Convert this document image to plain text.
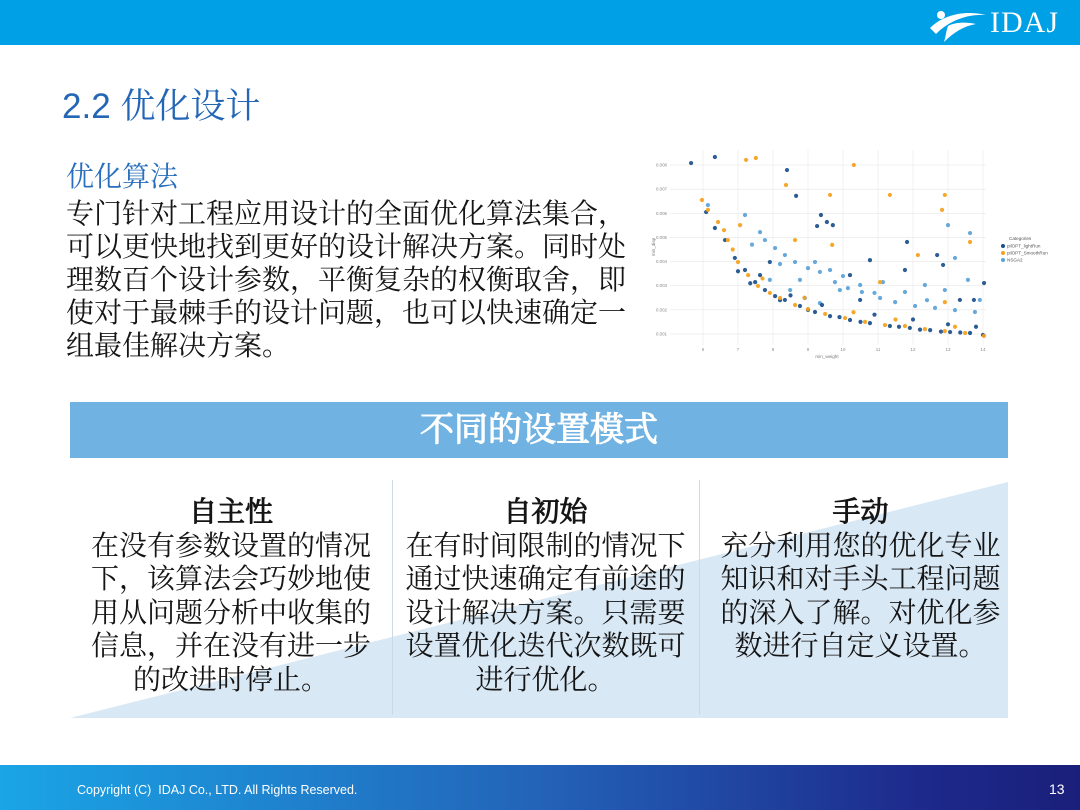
IDAJ
2.2 优化设计
优化算法
专门针对工程应用设计的全面优化算法集合，
可以更快地找到更好的设计解决方案。同时处
理数百个设计参数，平衡复杂的权衡取舍，即
使对于最棘手的设计问题，也可以快速确定一
组最佳解决方案。	6	7	8	9	10	11	12	13	14
0.008
0.007
0.006
0.005
0.004
0.003
0.002
0.001
min_weight
min_disp	Categories
pilOPT_lightRun
pilOPT_SmoothRun
NSGA2
不同的设置模式
自主性
在没有参数设置的情况
下，该算法会巧妙地使
用从问题分析中收集的
信息，并在没有进一步
的改进时停止。
自初始
在有时间限制的情况下
通过快速确定有前途的
设计解决方案。只需要
设置优化迭代次数既可
进行优化。
手动
充分利用您的优化专业
知识和对手头工程问题
的深入了解。对优化参
数进行自定义设置。
Copyright (C)  IDAJ Co., LTD. All Rights Reserved.	13
